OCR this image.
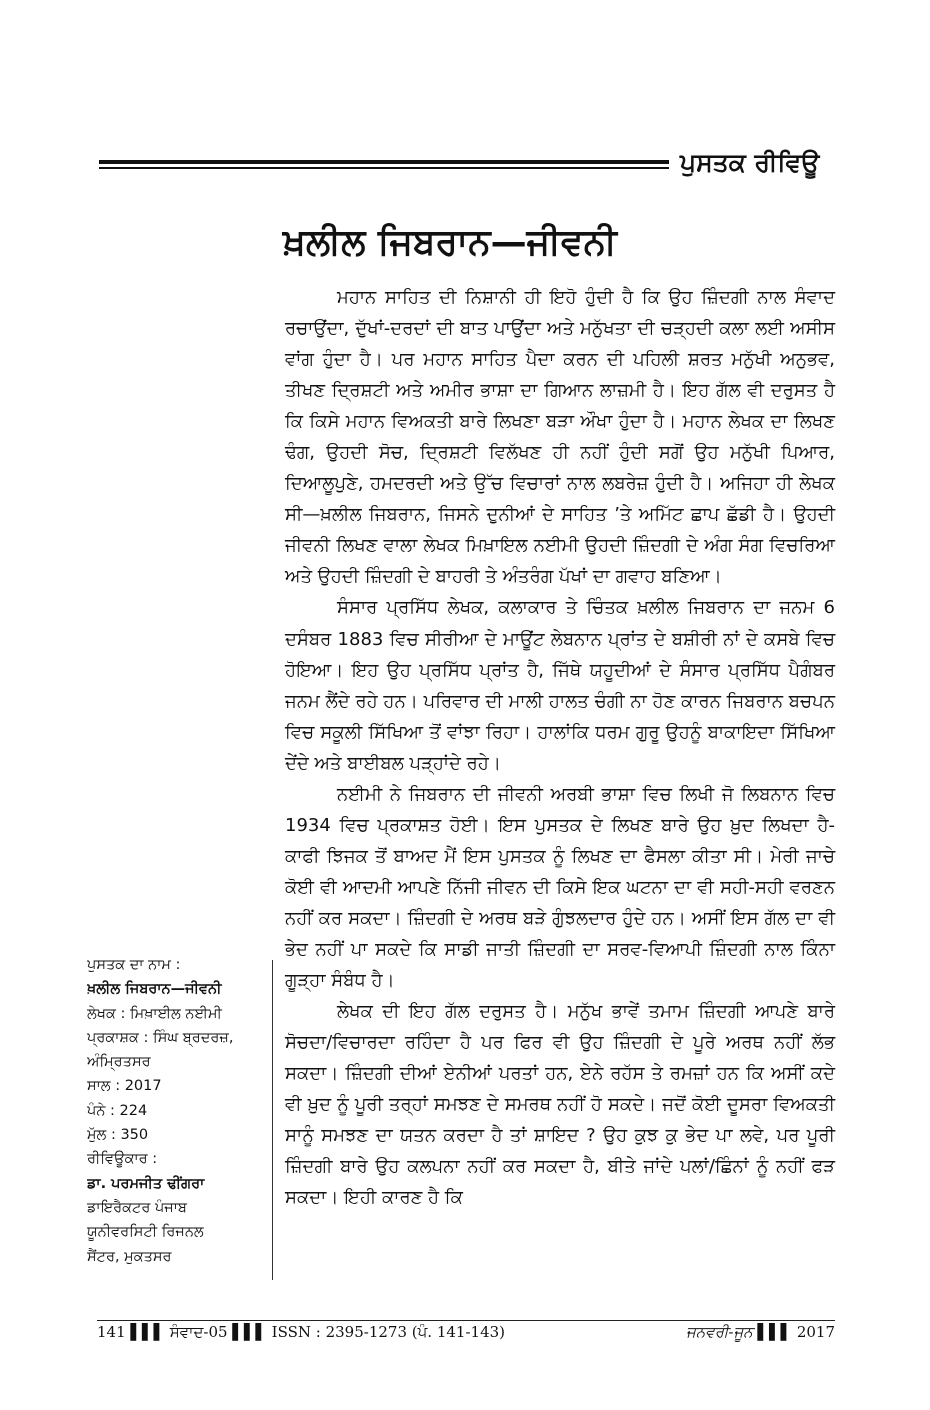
ਪੁਸਤਕ ਰੀਵਿਊ
ਖ਼ਲੀਲ ਜਿਬਰਾਨ—ਜੀਵਨੀ

ਮਹਾਨ ਸਾਹਿਤ ਦੀ ਨਿਸ਼ਾਨੀ ਹੀ ਇਹੋ ਹੁੰਦੀ ਹੈ ਕਿ ਉਹ ਜ਼ਿੰਦਗੀ ਨਾਲ ਸੰਵਾਦ ਰਚਾਉਂਦਾ, ਦੁੱਖਾਂ-ਦਰਦਾਂ ਦੀ ਬਾਤ ਪਾਉਂਦਾ ਅਤੇ ਮਨੁੱਖਤਾ ਦੀ ਚੜ੍ਹਦੀ ਕਲਾ ਲਈ ਅਸੀਸ ਵਾਂਗ ਹੁੰਦਾ ਹੈ। ਪਰ ਮਹਾਨ ਸਾਹਿਤ ਪੈਦਾ ਕਰਨ ਦੀ ਪਹਿਲੀ ਸ਼ਰਤ ਮਨੁੱਖੀ ਅਨੁਭਵ, ਤੀਖਣ ਦ੍ਰਿਸ਼ਟੀ ਅਤੇ ਅਮੀਰ ਭਾਸ਼ਾ ਦਾ ਗਿਆਨ ਲਾਜ਼ਮੀ ਹੈ। ਇਹ ਗੱਲ ਵੀ ਦਰੁਸਤ ਹੈ ਕਿ ਕਿਸੇ ਮਹਾਨ ਵਿਅਕਤੀ ਬਾਰੇ ਲਿਖਣਾ ਬੜਾ ਔਖਾ ਹੁੰਦਾ ਹੈ। ਮਹਾਨ ਲੇਖਕ ਦਾ ਲਿਖਣ ਢੰਗ, ਉਹਦੀ ਸੋਚ, ਦ੍ਰਿਸ਼ਟੀ ਵਿਲੱਖਣ ਹੀ ਨਹੀਂ ਹੁੰਦੀ ਸਗੋਂ ਉਹ ਮਨੁੱਖੀ ਪਿਆਰ, ਦਿਆਲੂਪੁਣੇ, ਹਮਦਰਦੀ ਅਤੇ ਉੱਚ ਵਿਚਾਰਾਂ ਨਾਲ ਲਬਰੇਜ਼ ਹੁੰਦੀ ਹੈ। ਅਜਿਹਾ ਹੀ ਲੇਖਕ ਸੀ—ਖ਼ਲੀਲ ਜਿਬਰਾਨ, ਜਿਸਨੇ ਦੁਨੀਆਂ ਦੇ ਸਾਹਿਤ ’ਤੇ ਅਮਿੱਟ ਛਾਪ ਛੱਡੀ ਹੈ। ਉਹਦੀ ਜੀਵਨੀ ਲਿਖਣ ਵਾਲਾ ਲੇਖਕ ਮਿਖ਼ਾਇਲ ਨਈਮੀ ਉਹਦੀ ਜ਼ਿੰਦਗੀ ਦੇ ਅੰਗ ਸੰਗ ਵਿਚਰਿਆ ਅਤੇ ਉਹਦੀ ਜ਼ਿੰਦਗੀ ਦੇ ਬਾਹਰੀ ਤੇ ਅੰਤਰੰਗ ਪੱਖਾਂ ਦਾ ਗਵਾਹ ਬਣਿਆ।

ਸੰਸਾਰ ਪ੍ਰਸਿੱਧ ਲੇਖਕ, ਕਲਾਕਾਰ ਤੇ ਚਿੰਤਕ ਖ਼ਲੀਲ ਜਿਬਰਾਨ ਦਾ ਜਨਮ 6 ਦਸੰਬਰ 1883 ਵਿਚ ਸੀਰੀਆ ਦੇ ਮਾਊਂਟ ਲੇਬਨਾਨ ਪ੍ਰਾਂਤ ਦੇ ਬਸ਼ੀਰੀ ਨਾਂ ਦੇ ਕਸਬੇ ਵਿਚ ਹੋਇਆ। ਇਹ ਉਹ ਪ੍ਰਸਿੱਧ ਪ੍ਰਾਂਤ ਹੈ, ਜਿੱਥੇ ਯਹੂਦੀਆਂ ਦੇ ਸੰਸਾਰ ਪ੍ਰਸਿੱਧ ਪੈਗੰਬਰ ਜਨਮ ਲੈਂਦੇ ਰਹੇ ਹਨ। ਪਰਿਵਾਰ ਦੀ ਮਾਲੀ ਹਾਲਤ ਚੰਗੀ ਨਾ ਹੋਣ ਕਾਰਨ ਜਿਬਰਾਨ ਬਚਪਨ ਵਿਚ ਸਕੂਲੀ ਸਿੱਖਿਆ ਤੋਂ ਵਾਂਝਾ ਰਿਹਾ। ਹਾਲਾਂਕਿ ਧਰਮ ਗੁਰੂ ਉਹਨੂੰ ਬਾਕਾਇਦਾ ਸਿੱਖਿਆ ਦੇਂਦੇ ਅਤੇ ਬਾਈਬਲ ਪੜ੍ਹਾਂਦੇ ਰਹੇ।

ਨਈਮੀ ਨੇ ਜਿਬਰਾਨ ਦੀ ਜੀਵਨੀ ਅਰਬੀ ਭਾਸ਼ਾ ਵਿਚ ਲਿਖੀ ਜੋ ਲਿਬਨਾਨ ਵਿਚ 1934 ਵਿਚ ਪ੍ਰਕਾਸ਼ਤ ਹੋਈ। ਇਸ ਪੁਸਤਕ ਦੇ ਲਿਖਣ ਬਾਰੇ ਉਹ ਖ਼ੁਦ ਲਿਖਦਾ ਹੈ- ਕਾਫੀ ਝਿਜਕ ਤੋਂ ਬਾਅਦ ਮੈਂ ਇਸ ਪੁਸਤਕ ਨੂੰ ਲਿਖਣ ਦਾ ਫੈਸਲਾ ਕੀਤਾ ਸੀ। ਮੇਰੀ ਜਾਚੇ ਕੋਈ ਵੀ ਆਦਮੀ ਆਪਣੇ ਨਿੱਜੀ ਜੀਵਨ ਦੀ ਕਿਸੇ ਇਕ ਘਟਨਾ ਦਾ ਵੀ ਸਹੀ-ਸਹੀ ਵਰਣਨ ਨਹੀਂ ਕਰ ਸਕਦਾ। ਜ਼ਿੰਦਗੀ ਦੇ ਅਰਥ ਬੜੇ ਗੁੰਝਲਦਾਰ ਹੁੰਦੇ ਹਨ। ਅਸੀਂ ਇਸ ਗੱਲ ਦਾ ਵੀ ਭੇਦ ਨਹੀਂ ਪਾ ਸਕਦੇ ਕਿ ਸਾਡੀ ਜਾਤੀ ਜ਼ਿੰਦਗੀ ਦਾ ਸਰਵ-ਵਿਆਪੀ ਜ਼ਿੰਦਗੀ ਨਾਲ ਕਿੰਨਾ ਗੂੜ੍ਹਾ ਸੰਬੰਧ ਹੈ।

ਲੇਖਕ ਦੀ ਇਹ ਗੱਲ ਦਰੁਸਤ ਹੈ। ਮਨੁੱਖ ਭਾਵੇਂ ਤਮਾਮ ਜ਼ਿੰਦਗੀ ਆਪਣੇ ਬਾਰੇ ਸੋਚਦਾ/ਵਿਚਾਰਦਾ ਰਹਿੰਦਾ ਹੈ ਪਰ ਫਿਰ ਵੀ ਉਹ ਜ਼ਿੰਦਗੀ ਦੇ ਪੂਰੇ ਅਰਥ ਨਹੀਂ ਲੱਭ ਸਕਦਾ। ਜ਼ਿੰਦਗੀ ਦੀਆਂ ਏਨੀਆਂ ਪਰਤਾਂ ਹਨ, ਏਨੇ ਰਹੱਸ ਤੇ ਰਮਜ਼ਾਂ ਹਨ ਕਿ ਅਸੀਂ ਕਦੇ ਵੀ ਖ਼ੁਦ ਨੂੰ ਪੂਰੀ ਤਰ੍ਹਾਂ ਸਮਝਣ ਦੇ ਸਮਰਥ ਨਹੀਂ ਹੋ ਸਕਦੇ। ਜਦੋਂ ਕੋਈ ਦੂਸਰਾ ਵਿਅਕਤੀ ਸਾਨੂੰ ਸਮਝਣ ਦਾ ਯਤਨ ਕਰਦਾ ਹੈ ਤਾਂ ਸ਼ਾਇਦ ? ਉਹ ਕੁਝ ਕੁ ਭੇਦ ਪਾ ਲਵੇ, ਪਰ ਪੂਰੀ ਜ਼ਿੰਦਗੀ ਬਾਰੇ ਉਹ ਕਲਪਨਾ ਨਹੀਂ ਕਰ ਸਕਦਾ ਹੈ, ਬੀਤੇ ਜਾਂਦੇ ਪਲਾਂ/ਛਿੰਨਾਂ ਨੂੰ ਨਹੀਂ ਫੜ ਸਕਦਾ। ਇਹੀ ਕਾਰਣ ਹੈ ਕਿ

ਪੁਸਤਕ ਦਾ ਨਾਮ :
ਖ਼ਲੀਲ ਜਿਬਰਾਨ—ਜੀਵਨੀ
ਲੇਖਕ : ਮਿਖ਼ਾਈਲ ਨਈਮੀ
ਪ੍ਰਕਾਸ਼ਕ : ਸਿੰਘ ਬ੍ਰਦਰਜ਼,
ਅੰਮ੍ਰਿਤਸਰ
ਸਾਲ : 2017
ਪੰਨੇ : 224
ਮੁੱਲ : 350
ਰੀਵਿਊਕਾਰ :
ਡਾ. ਪਰਮਜੀਤ ਢੀਂਗਰਾ
ਡਾਇਰੈਕਟਰ ਪੰਜਾਬ
ਯੂਨੀਵਰਸਿਟੀ ਰਿਜਨਲ
ਸੈਂਟਰ, ਮੁਕਤਸਰ
141 ▌▌▌ ਸੰਵਾਦ-05 ▌▌▌ ISSN : 2395-1273 (ਪੰ. 141-143)	ਜਨਵਰੀ-ਜੂਨ ▌▌▌ 2017
